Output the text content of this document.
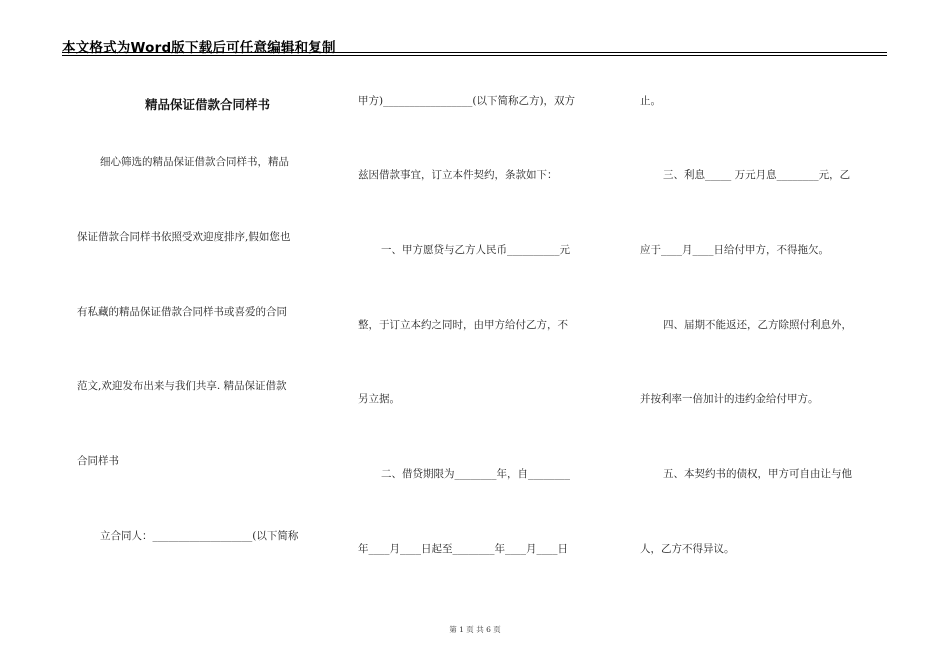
本文格式为Word版下载后可任意编辑和复制
精品保证借款合同样书
细心筛选的精品保证借款合同样书，精品
保证借款合同样书依照受欢迎度排序,假如您也
有私藏的精品保证借款合同样书或喜爱的合同
范文,欢迎发布出来与我们共享. 精品保证借款
合同样书
立合同人：___________________(以下简称
甲方)_________________(以下简称乙方)，双方
兹因借款事宜，订立本件契约，条款如下：
一、甲方愿贷与乙方人民币__________元
整，于订立本约之同时，由甲方给付乙方，不
另立据。
二、借贷期限为________年，自________
年____月____日起至________年____月____日
止。
三、利息_____ 万元月息________元，乙
应于____月____日给付甲方，不得拖欠。
四、届期不能返还，乙方除照付利息外，
并按利率一倍加计的违约金给付甲方。
五、本契约书的债权，甲方可自由让与他
人，乙方不得异议。
第 1 页 共 6 页
